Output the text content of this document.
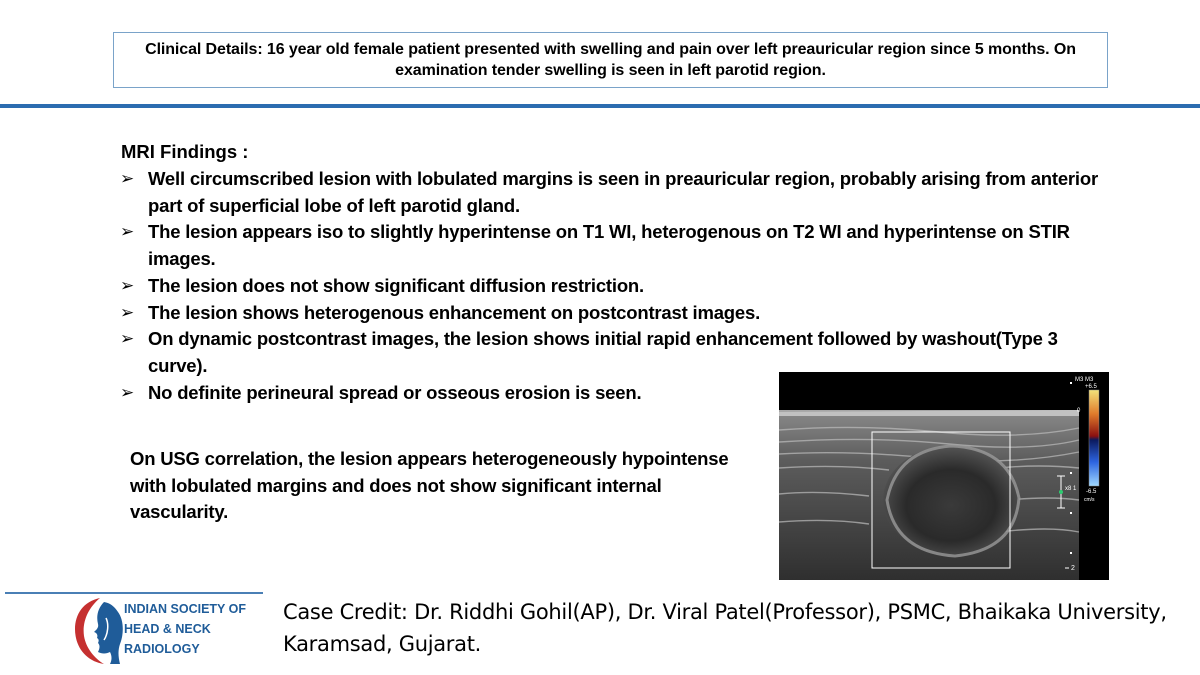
Clinical Details: 16 year old female patient presented with swelling and pain over left preauricular region since 5 months. On examination tender swelling is seen in left parotid region.
MRI Findings :
➢ Well circumscribed lesion with lobulated margins is seen in preauricular region, probably arising from anterior part of superficial lobe of left parotid gland.
➢ The lesion appears iso to slightly hyperintense on T1 WI, heterogenous on T2 WI and hyperintense on STIR images.
➢ The lesion does not show significant diffusion restriction.
➢ The lesion shows heterogenous enhancement on postcontrast images.
➢ On dynamic postcontrast images, the lesion shows initial rapid enhancement followed by washout(Type 3 curve).
➢ No definite perineural spread or osseous erosion is seen.
On USG correlation, the lesion appears heterogeneously hypointense with lobulated margins and does not show significant internal vascularity.
M3 M3
+6.5
0
x8 1 -6.5
cm/s
2
INDIAN SOCIETY OF
HEAD & NECK
RADIOLOGY
Case Credit: Dr. Riddhi Gohil(AP), Dr. Viral Patel(Professor), PSMC, Bhaikaka University, Karamsad, Gujarat.
